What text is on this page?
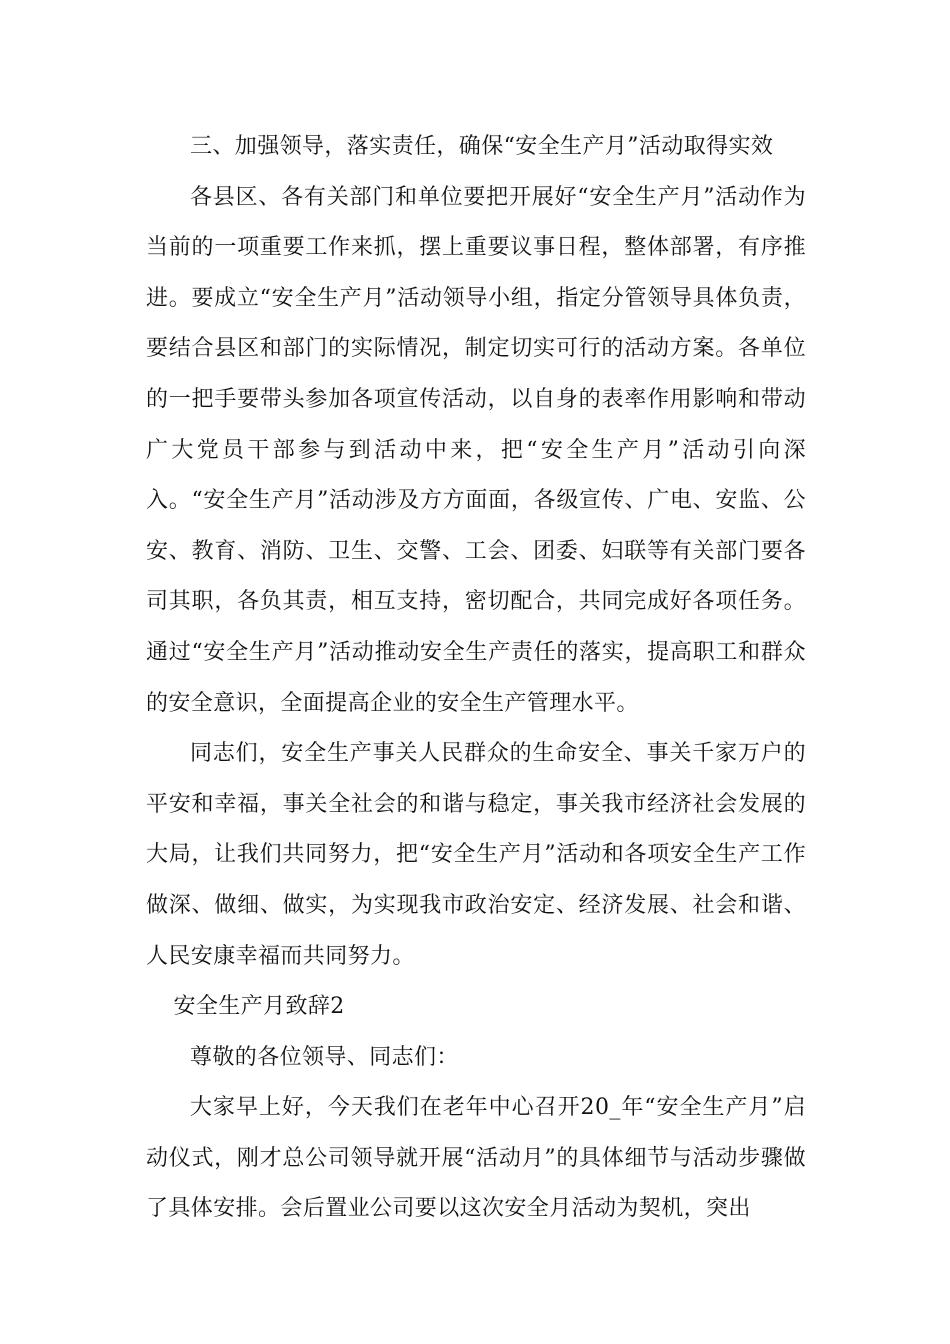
三、加强领导，落实责任，确保“安全生产月”活动取得实效

各县区、各有关部门和单位要把开展好“安全生产月”活动作为当前的一项重要工作来抓，摆上重要议事日程，整体部署，有序推进。要成立“安全生产月”活动领导小组，指定分管领导具体负责，要结合县区和部门的实际情况，制定切实可行的活动方案。各单位的一把手要带头参加各项宣传活动，以自身的表率作用影响和带动广大党员干部参与到活动中来，把“安全生产月”活动引向深入。“安全生产月”活动涉及方方面面，各级宣传、广电、安监、公安、教育、消防、卫生、交警、工会、团委、妇联等有关部门要各司其职，各负其责，相互支持，密切配合，共同完成好各项任务。通过“安全生产月”活动推动安全生产责任的落实，提高职工和群众的安全意识，全面提高企业的安全生产管理水平。

同志们，安全生产事关人民群众的生命安全、事关千家万户的平安和幸福，事关全社会的和谐与稳定，事关我市经济社会发展的大局，让我们共同努力，把“安全生产月”活动和各项安全生产工作做深、做细、做实，为实现我市政治安定、经济发展、社会和谐、人民安康幸福而共同努力。

安全生产月致辞2

尊敬的各位领导、同志们：

大家早上好，今天我们在老年中心召开20_年“安全生产月”启动仪式，刚才总公司领导就开展“活动月”的具体细节与活动步骤做了具体安排。会后置业公司要以这次安全月活动为契机，突出
